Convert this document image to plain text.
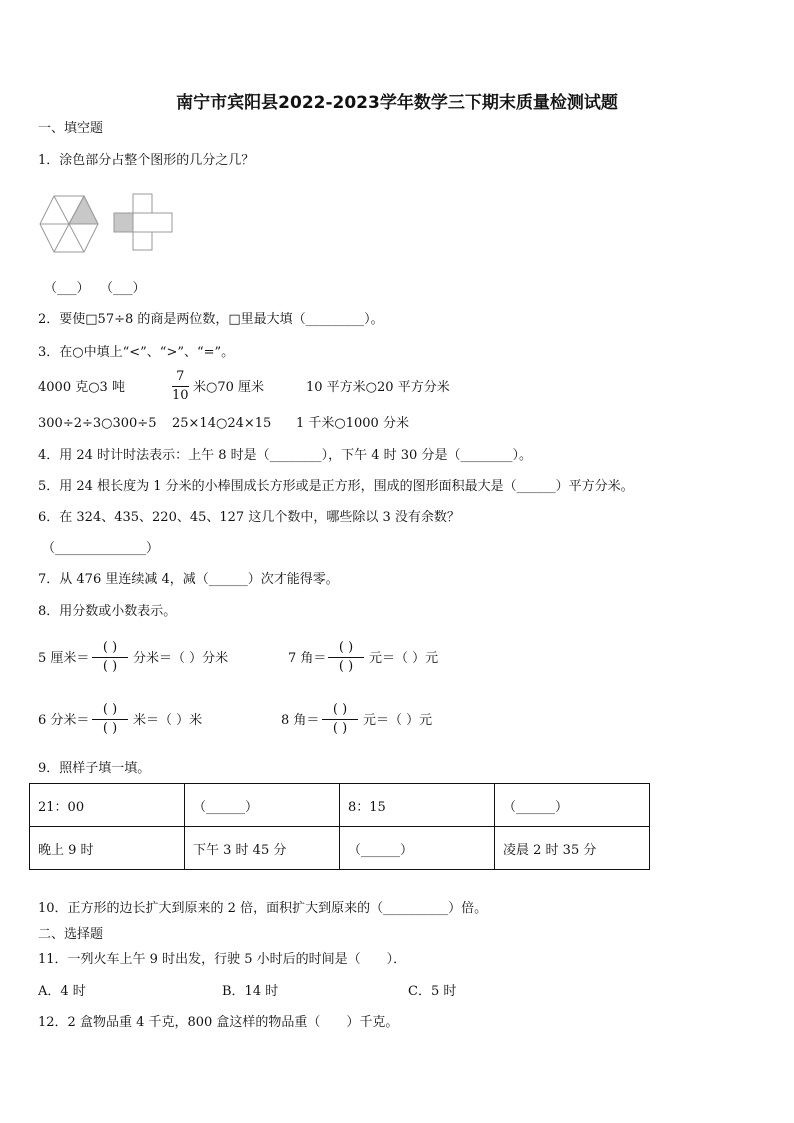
南宁市宾阳县2022-2023学年数学三下期末质量检测试题
一、填空题
1．涂色部分占整个图形的几分之几？
（___） （___）
2．要使□57÷8 的商是两位数，□里最大填（_________）。
3．在○中填上“<”、“>”、“=”。
4000 克○3 吨
7
10
米○70 厘米	10 平方米○20 平方分米
300÷2÷3○300÷5 25×14○24×15 1 千米○1000 分米
4．用 24 时计时法表示：上午 8 时是（________），下午 4 时 30 分是（________）。
5．用 24 根长度为 1 分米的小棒围成长方形或是正方形，围成的图形面积最大是（______）平方分米。
6．在 324、435、220、45、127 这几个数中，哪些除以 3 没有余数？
（______________）
7．从 476 里连续减 4，减（______）次才能得零。
8．用分数或小数表示。
5 厘米＝
( )
( )
分米＝（ ）分米	7 角＝
( )
( )
元＝（ ）元
6 分米＝
( )
( )
米＝（ ）米	8 角＝
( )
( )
元＝（ ）元
9．照样子填一填。
21：00	（______）	8：15	（______）
晚上 9 时	下午 3 时 45 分	（______）	凌晨 2 时 35 分
10．正方形的边长扩大到原来的 2 倍，面积扩大到原来的（__________）倍。
二、选择题
11．一列火车上午 9 时出发，行驶 5 小时后的时间是（　　）．
A．4 时	B．14 时	C．5 时
12．2 盒物品重 4 千克，800 盒这样的物品重（　　）千克。
